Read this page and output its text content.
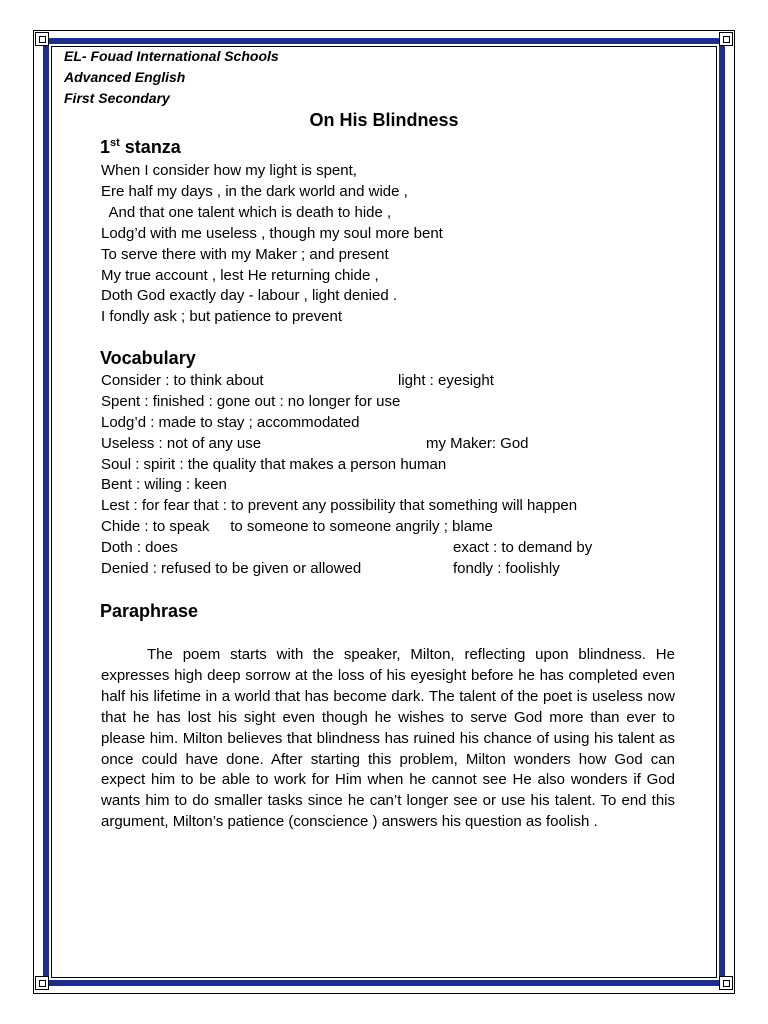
EL- Fouad International Schools
Advanced English
First Secondary
On His Blindness
1st stanza
When I consider how my light is spent,
Ere half my days , in the dark world and wide ,
And that one talent which is death to hide ,
Lodg’d with me useless , though my soul more bent
To serve there with my Maker ; and present
My true account , lest He returning chide ,
Doth God exactly day - labour , light denied .
I fondly ask ; but patience to prevent
Vocabulary
Consider : to think about	light : eyesight
Spent : finished : gone out : no longer for use
Lodg’d : made to stay ; accommodated
Useless : not of any use	my Maker: God
Soul : spirit : the quality that makes a person human
Bent : wiling : keen
Lest : for fear that : to prevent any possibility that something will happen
Chide : to speak     to someone to someone angrily ; blame
Doth : does	exact : to demand by
Denied : refused to be given or allowed	fondly : foolishly
Paraphrase
The poem starts with the speaker, Milton, reflecting upon blindness. He expresses high deep sorrow at the loss of his eyesight before he has completed even half his lifetime in a world that has become dark. The talent of the poet is useless now that he has lost his sight even though he wishes to serve God more than ever to please him. Milton believes that blindness has ruined his chance of using his talent as once could have done. After starting this problem, Milton wonders how God can expect him to be able to work for Him when he cannot see He also wonders if God wants him to do smaller tasks since he can’t longer see or use his talent. To end this argument, Milton’s patience (conscience ) answers his question as foolish .
